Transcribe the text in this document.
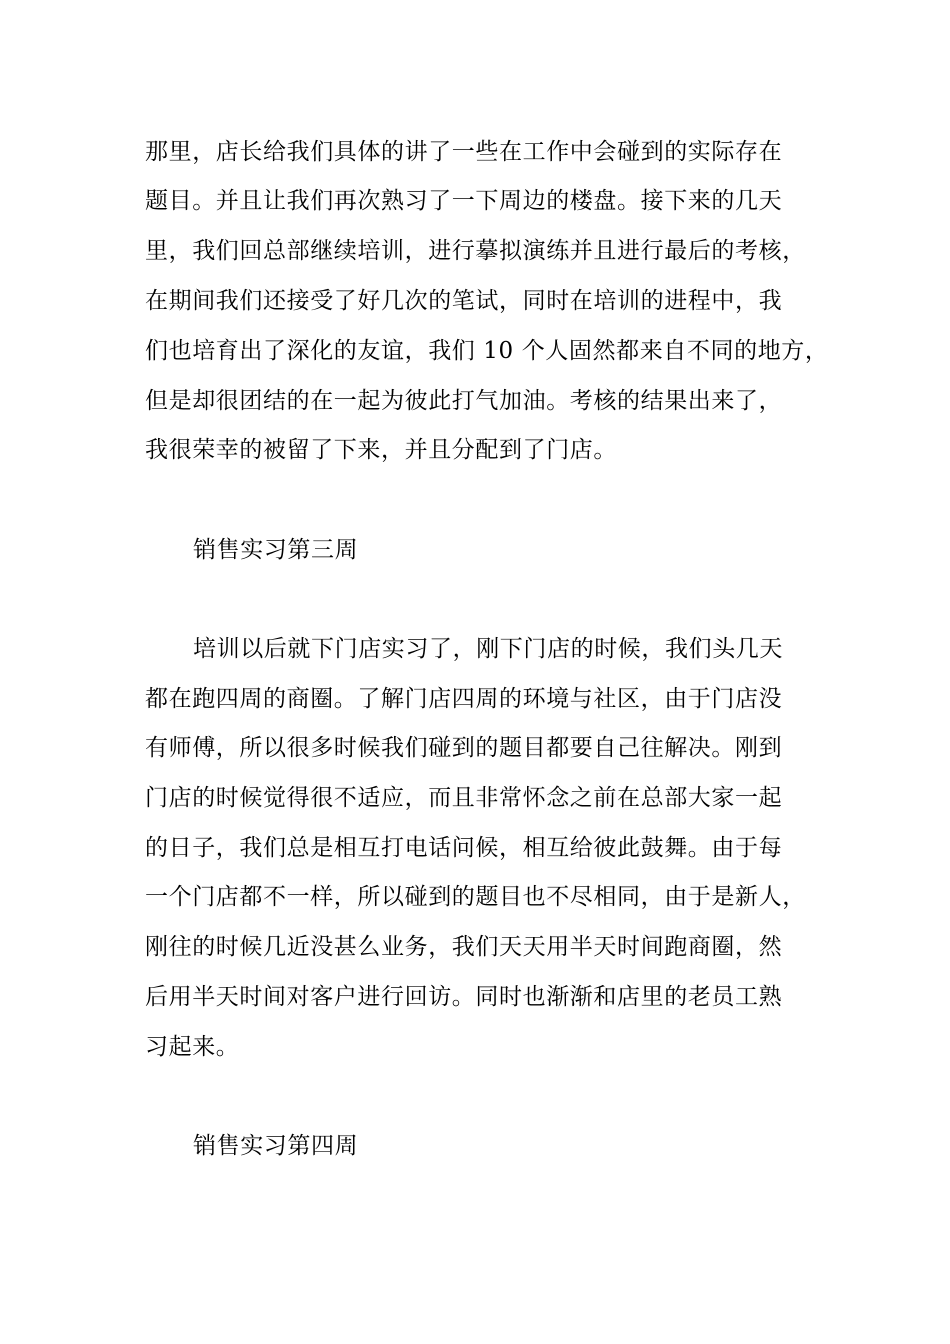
那里，店长给我们具体的讲了一些在工作中会碰到的实际存在
题目。并且让我们再次熟习了一下周边的楼盘。接下来的几天
里，我们回总部继续培训，进行摹拟演练并且进行最后的考核，
在期间我们还接受了好几次的笔试，同时在培训的进程中，我
们也培育出了深化的友谊，我们 10 个人固然都来自不同的地方，
但是却很团结的在一起为彼此打气加油。考核的结果出来了，
我很荣幸的被留了下来，并且分配到了门店。
销售实习第三周
培训以后就下门店实习了，刚下门店的时候，我们头几天
都在跑四周的商圈。了解门店四周的环境与社区，由于门店没
有师傅，所以很多时候我们碰到的题目都要自己往解决。刚到
门店的时候觉得很不适应，而且非常怀念之前在总部大家一起
的日子，我们总是相互打电话问候，相互给彼此鼓舞。由于每
一个门店都不一样，所以碰到的题目也不尽相同，由于是新人，
刚往的时候几近没甚么业务，我们天天用半天时间跑商圈，然
后用半天时间对客户进行回访。同时也渐渐和店里的老员工熟
习起来。
销售实习第四周
